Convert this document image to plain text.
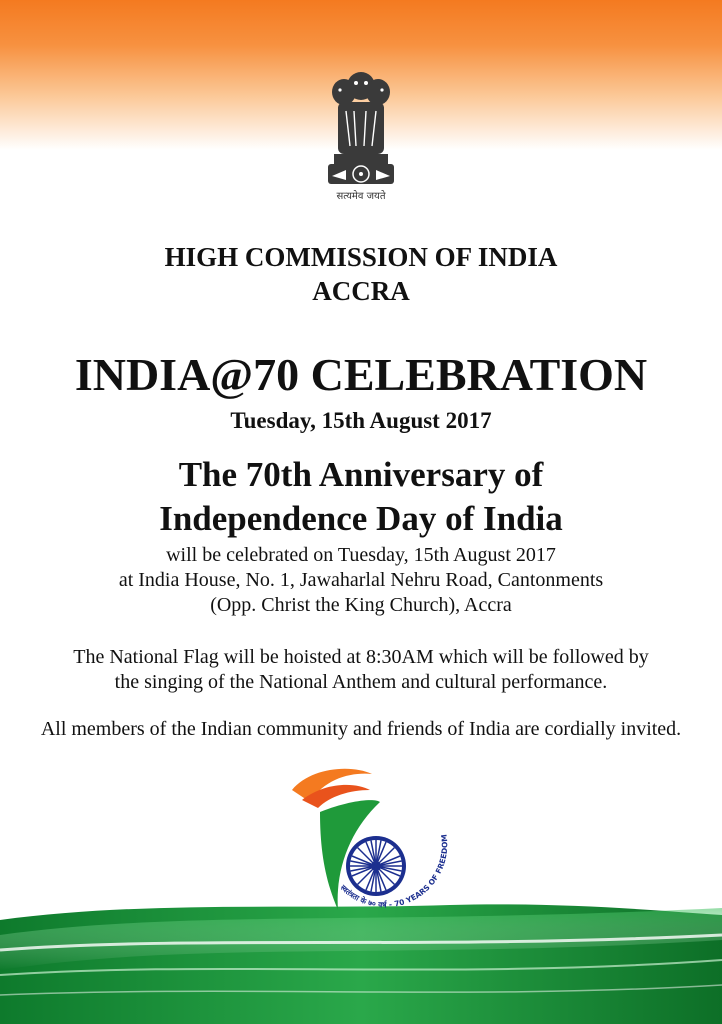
सत्यमेव जयते
HIGH COMMISSION OF INDIA
ACCRA
INDIA@70 CELEBRATION
Tuesday, 15th August 2017
The 70th Anniversary of
Independence Day of India
will be celebrated on Tuesday, 15th August 2017
at India House, No. 1, Jawaharlal Nehru Road, Cantonments
(Opp. Christ the King Church), Accra
The National Flag will be hoisted at 8:30AM which will be followed by
the singing of the National Anthem and cultural performance.
All members of the Indian community and friends of India are cordially invited.
स्वतंत्रता के ७० वर्ष - 70 YEARS OF FREEDOM
